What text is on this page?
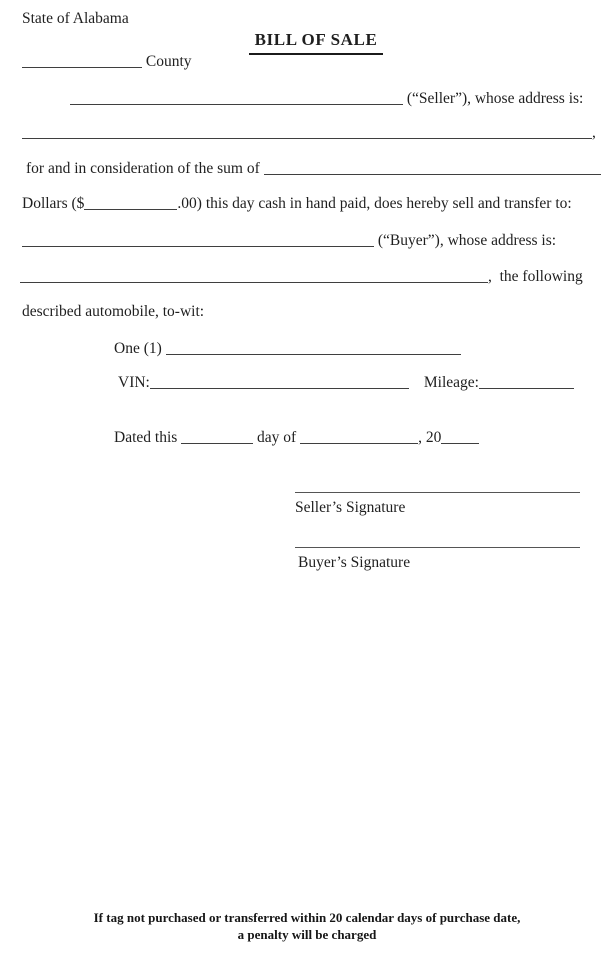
State of Alabama
BILL OF SALE
County
(“Seller”), whose address is:
,
for and in consideration of the sum of
Dollars ($	.00) this day cash in hand paid, does hereby sell and transfer to:
(“Buyer”), whose address is:
,  the following
described automobile, to-wit:
One (1)
VIN:	Mileage:
Dated this	day of	, 20
Seller’s Signature
Buyer’s Signature
If tag not purchased or transferred within 20 calendar days of purchase date,
a penalty will be charged
